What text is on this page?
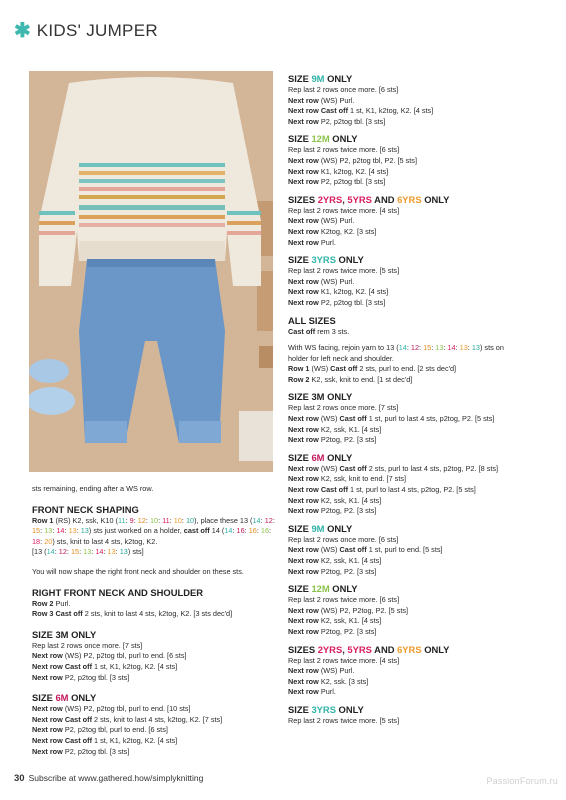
✱ KIDS' JUMPER

sts remaining, ending after a WS row.

FRONT NECK SHAPING

Row 1 (RS) K2, ssk, K10 (11: 9: 12: 10: 11: 10: 10), place these 13 (14: 12: 15: 13: 14: 13: 13) sts just worked on a holder, cast off 14 (14: 16: 16: 16: 18: 20) sts, knit to last 4 sts, k2tog, K2.
[13 (14: 12: 15: 13: 14: 13: 13) sts]

You will now shape the right front neck and shoulder on these sts.

RIGHT FRONT NECK AND SHOULDER

Row 2 Purl.

Row 3 Cast off 2 sts, knit to last 4 sts, k2tog, K2. [3 sts dec'd]

SIZE 3M ONLY

Rep last 2 rows once more. [7 sts]

Next row (WS) P2, p2tog tbl, purl to end. [6 sts]

Next row Cast off 1 st, K1, k2tog, K2. [4 sts]

Next row P2, p2tog tbl. [3 sts]

SIZE 6M ONLY

Next row (WS) P2, p2tog tbl, purl to end. [10 sts]

Next row Cast off 2 sts, knit to last 4 sts, k2tog, K2. [7 sts]

Next row P2, p2tog tbl, purl to end. [6 sts]

Next row Cast off 1 st, K1, k2tog, K2. [4 sts]

Next row P2, p2tog tbl. [3 sts]

SIZE 9M ONLY

Rep last 2 rows once more. [6 sts]

Next row (WS) Purl.

Next row Cast off 1 st, K1, k2tog, K2. [4 sts]

Next row P2, p2tog tbl. [3 sts]

SIZE 12M ONLY

Rep last 2 rows twice more. [6 sts]

Next row (WS) P2, p2tog tbl, P2. [5 sts]

Next row K1, k2tog, K2. [4 sts]

Next row P2, p2tog tbl. [3 sts]

SIZES 2YRS, 5YRS AND 6YRS ONLY

Rep last 2 rows twice more. [4 sts]

Next row (WS) Purl.

Next row K2tog, K2. [3 sts]

Next row Purl.

SIZE 3YRS ONLY

Rep last 2 rows twice more. [5 sts]

Next row (WS) Purl.

Next row K1, k2tog, K2. [4 sts]

Next row P2, p2tog tbl. [3 sts]

ALL SIZES

Cast off rem 3 sts.

With WS facing, rejoin yarn to 13 (14: 12: 15: 13: 14: 13: 13) sts on

holder for left neck and shoulder.

Row 1 (WS) Cast off 2 sts, purl to end. [2 sts dec'd]

Row 2 K2, ssk, knit to end. [1 st dec'd]

SIZE 3M ONLY

Rep last 2 rows once more. [7 sts]

Next row (WS) Cast off 1 st, purl to last 4 sts, p2tog, P2. [5 sts]

Next row K2, ssk, K1. [4 sts]

Next row P2tog, P2. [3 sts]

SIZE 6M ONLY

Next row (WS) Cast off 2 sts, purl to last 4 sts, p2tog, P2. [8 sts]

Next row K2, ssk, knit to end. [7 sts]

Next row Cast off 1 st, purl to last 4 sts, p2tog, P2. [5 sts]

Next row K2, ssk, K1. [4 sts]

Next row P2tog, P2. [3 sts]

SIZE 9M ONLY

Rep last 2 rows once more. [6 sts]

Next row (WS) Cast off 1 st, purl to end. [5 sts]

Next row K2, ssk, K1. [4 sts]

Next row P2tog, P2. [3 sts]

SIZE 12M ONLY

Rep last 2 rows twice more. [6 sts]

Next row (WS) P2, P2tog, P2. [5 sts]

Next row K2, ssk, K1. [4 sts]

Next row P2tog, P2. [3 sts]

SIZES 2YRS, 5YRS AND 6YRS ONLY

Rep last 2 rows twice more. [4 sts]

Next row (WS) Purl.

Next row K2, ssk. [3 sts]

Next row Purl.

SIZE 3YRS ONLY

Rep last 2 rows twice more. [5 sts]

30 Subscribe at www.gathered.how/simplyknitting	PassionForum.ru
